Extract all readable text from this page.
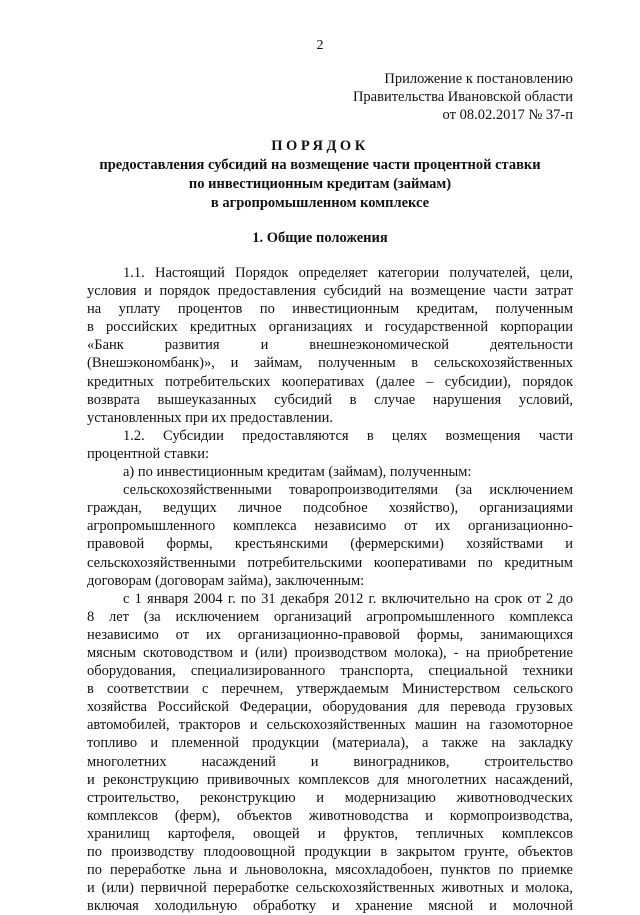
2
Приложение к постановлению
Правительства Ивановской области
от 08.02.2017 № 37-п
ПОРЯДОК
предоставления субсидий на возмещение части процентной ставки
по инвестиционным кредитам (займам)
в агропромышленном комплексе
1. Общие положения

1.1. Настоящий Порядок определяет категории получателей, цели,

условия и порядок предоставления субсидий на возмещение части затрат

на уплату процентов по инвестиционным кредитам, полученным

в российских кредитных организациях и государственной корпорации

«Банк развития и внешнеэкономической деятельности

(Внешэкономбанк)», и займам, полученным в сельскохозяйственных

кредитных потребительских кооперативах (далее – субсидии), порядок

возврата вышеуказанных субсидий в случае нарушения условий,

установленных при их предоставлении.

1.2. Субсидии предоставляются в целях возмещения части

процентной ставки:

а) по инвестиционным кредитам (займам), полученным:

сельскохозяйственными товаропроизводителями (за исключением

граждан, ведущих личное подсобное хозяйство), организациями

агропромышленного комплекса независимо от их организационно-

правовой формы, крестьянскими (фермерскими) хозяйствами и

сельскохозяйственными потребительскими кооперативами по кредитным

договорам (договорам займа), заключенным:

с 1 января 2004 г. по 31 декабря 2012 г. включительно на срок от 2 до

8 лет (за исключением организаций агропромышленного комплекса

независимо от их организационно-правовой формы, занимающихся

мясным скотоводством и (или) производством молока), - на приобретение

оборудования, специализированного транспорта, специальной техники

в соответствии с перечнем, утверждаемым Министерством сельского

хозяйства Российской Федерации, оборудования для перевода грузовых

автомобилей, тракторов и сельскохозяйственных машин на газомоторное

топливо и племенной продукции (материала), а также на закладку

многолетних насаждений и виноградников, строительство

и реконструкцию прививочных комплексов для многолетних насаждений,

строительство, реконструкцию и модернизацию животноводческих

комплексов (ферм), объектов животноводства и кормопроизводства,

хранилищ картофеля, овощей и фруктов, тепличных комплексов

по производству плодоовощной продукции в закрытом грунте, объектов

по переработке льна и льноволокна, мясохладобоен, пунктов по приемке

и (или) первичной переработке сельскохозяйственных животных и молока,

включая холодильную обработку и хранение мясной и молочной
